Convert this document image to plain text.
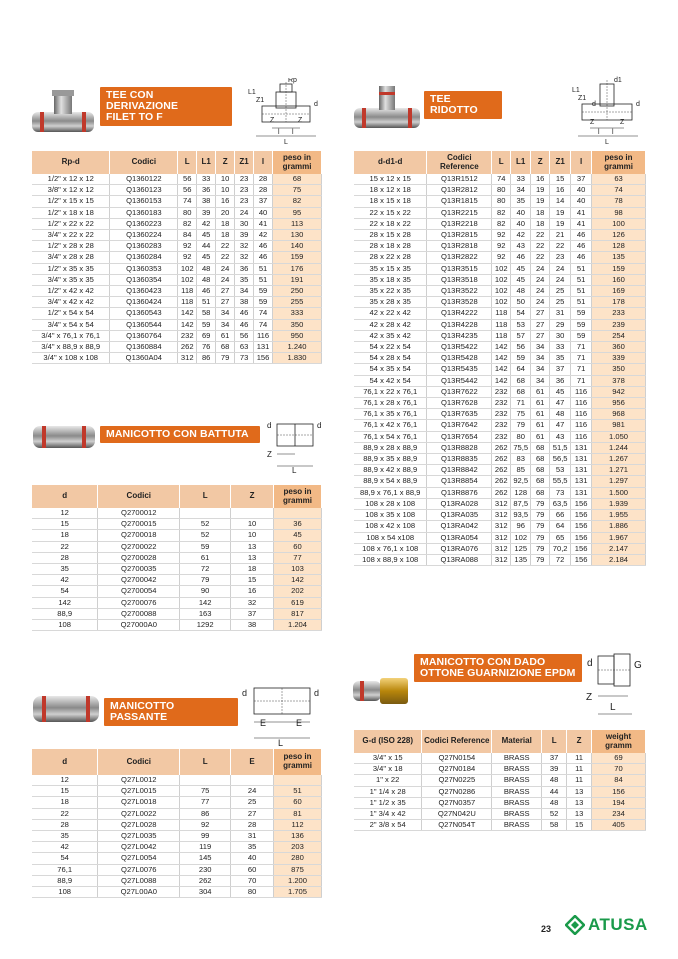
TEE CON DERIVAZIONE
FILET TO F
Rp
L1
Z1
d
Z	Z
L
l l
Rp-d	Codici	L	L1	Z	Z1	l	peso in grammi
1/2" x 12 x 12	Q1360122	56	33	10	23	28	68
3/8" x 12 x 12	Q1360123	56	36	10	23	28	75
1/2" x 15 x 15	Q1360153	74	38	16	23	37	82
1/2" x 18 x 18	Q1360183	80	39	20	24	40	95
1/2" x 22 x 22	Q1360223	82	42	18	30	41	113
3/4" x 22 x 22	Q1360224	84	45	18	39	42	130
1/2" x 28 x 28	Q1360283	92	44	22	32	46	140
3/4" x 28 x 28	Q1360284	92	45	22	32	46	159
1/2" x 35 x 35	Q1360353	102	48	24	36	51	176
3/4" x 35 x 35	Q1360354	102	48	24	35	51	191
1/2" x 42 x 42	Q1360423	118	46	27	34	59	250
3/4" x 42 x 42	Q1360424	118	51	27	38	59	255
1/2" x 54 x 54	Q1360543	142	58	34	46	74	333
3/4" x 54 x 54	Q1360544	142	59	34	46	74	350
3/4" x 76,1 x 76,1	Q1360764	232	69	61	56	116	950
3/4" x 88,9 x 88,9	Q1360884	262	76	68	63	131	1.240
3/4" x 108 x 108	Q1360A04	312	86	79	73	156	1.830
TEE RIDOTTO
d1
L1
Z1
d	d
Z	Z
L
l l
d-d1-d	Codici Reference	L	L1	Z	Z1	l	peso in grammi
15 x 12 x 15	Q13R1512	74	33	16	15	37	63
18 x 12 x 18	Q13R2812	80	34	19	16	40	74
18 x 15 x 18	Q13R1815	80	35	19	14	40	78
22 x 15 x 22	Q13R2215	82	40	18	19	41	98
22 x 18 x 22	Q13R2218	82	40	18	19	41	100
28 x 15 x 28	Q13R2815	92	42	22	21	46	126
28 x 18 x 28	Q13R2818	92	43	22	22	46	128
28 x 22 x 28	Q13R2822	92	46	22	23	46	135
35 x 15 x 35	Q13R3515	102	45	24	24	51	159
35 x 18 x 35	Q13R3518	102	45	24	24	51	160
35 x 22 x 35	Q13R3522	102	48	24	25	51	169
35 x 28 x 35	Q13R3528	102	50	24	25	51	178
42 x 22 x 42	Q13R4222	118	54	27	31	59	233
42 x 28 x 42	Q13R4228	118	53	27	29	59	239
42 x 35 x 42	Q13R4235	118	57	27	30	59	254
54 x 22 x 54	Q13R5422	142	56	34	33	71	360
54 x 28 x 54	Q13R5428	142	59	34	35	71	339
54 x 35 x 54	Q13R5435	142	64	34	37	71	350
54 x 42 x 54	Q13R5442	142	68	34	36	71	378
76,1 x 22 x 76,1	Q13R7622	232	68	61	45	116	942
76,1 x 28 x 76,1	Q13R7628	232	71	61	47	116	956
76,1 x 35 x 76,1	Q13R7635	232	75	61	48	116	968
76,1 x 42 x 76,1	Q13R7642	232	79	61	47	116	981
76,1 x 54 x 76,1	Q13R7654	232	80	61	43	116	1.050
88,9 x 28 x 88,9	Q13R8828	262	75,5	68	51,5	131	1.244
88,9 x 35 x 88,9	Q13R8835	262	83	68	56,5	131	1.267
88,9 x 42 x 88,9	Q13R8842	262	85	68	53	131	1.271
88,9 x 54 x 88,9	Q13R8854	262	92,5	68	55,5	131	1.297
88,9 x 76,1 x 88,9	Q13R8876	262	128	68	73	131	1.500
108 x 28 x 108	Q13RA028	312	87,5	79	63,5	156	1.939
108 x 35 x 108	Q13RA035	312	93,5	79	66	156	1.955
108 x 42 x 108	Q13RA042	312	96	79	64	156	1.886
108 x 54 x108	Q13RA054	312	102	79	65	156	1.967
108 x 76,1 x 108	Q13RA076	312	125	79	70,2	156	2.147
108 x 88,9 x 108	Q13RA088	312	135	79	72	156	2.184
MANICOTTO CON BATTUTA
d	d
Z
L
d	Codici	L	Z	peso in grammi
12	Q2700012			
15	Q2700015	52	10	36
18	Q2700018	52	10	45
22	Q2700022	59	13	60
28	Q2700028	61	13	77
35	Q2700035	72	18	103
42	Q2700042	79	15	142
54	Q2700054	90	16	202
142	Q2700076	142	32	619
88,9	Q2700088	163	37	817
108	Q27000A0	1292	38	1.204
MANICOTTO PASSANTE
d	d
E	E
L
d	Codici	L	E	peso in grammi
12	Q27L0012			
15	Q27L0015	75	24	51
18	Q27L0018	77	25	60
22	Q27L0022	86	27	81
28	Q27L0028	92	28	112
35	Q27L0035	99	31	136
42	Q27L0042	119	35	203
54	Q27L0054	145	40	280
76,1	Q27L0076	230	60	875
88,9	Q27L0088	262	70	1.200
108	Q27L00A0	304	80	1.705
MANICOTTO CON DADO
OTTONE GUARNIZIONE EPDM
d	G
Z
L
G-d (ISO 228)	Codici Reference	Material	L	Z	weight gramm
3/4" x 15	Q27N0154	BRASS	37	11	69
3/4" x 18	Q27N0184	BRASS	39	11	70
1" x 22	Q27N0225	BRASS	48	11	84
1" 1/4 x 28	Q27N0286	BRASS	44	13	156
1" 1/2 x 35	Q27N0357	BRASS	48	13	194
1" 3/4 x 42	Q27N042U	BRASS	52	13	234
2" 3/8 x 54	Q27N054T	BRASS	58	15	405
23 ATUSA
